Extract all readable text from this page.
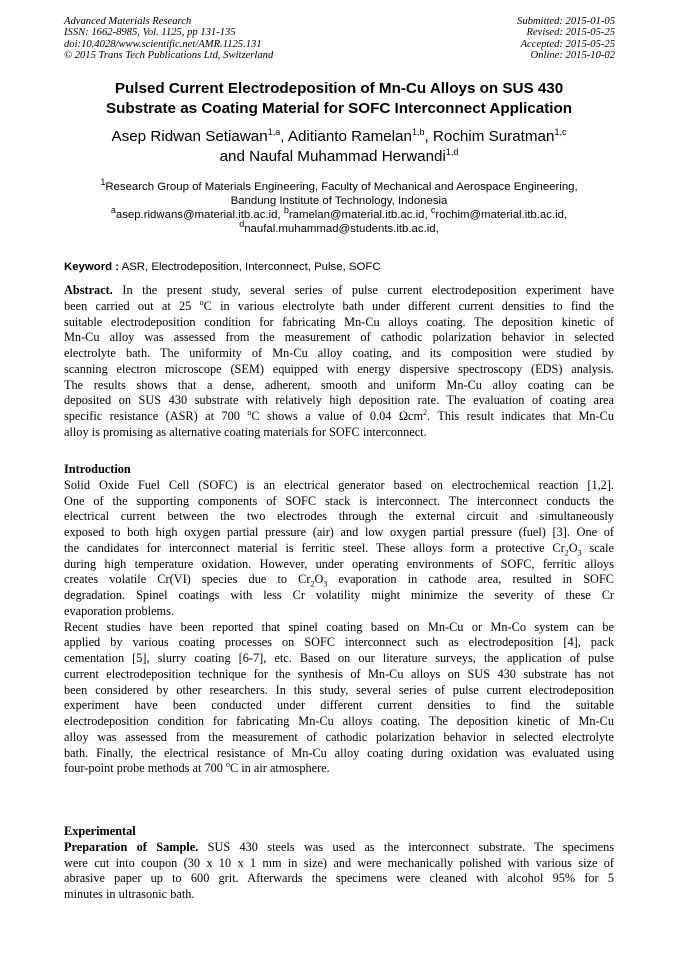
Advanced Materials Research
ISSN: 1662-8985, Vol. 1125, pp 131-135
doi:10.4028/www.scientific.net/AMR.1125.131
© 2015 Trans Tech Publications Ltd, Switzerland
Submitted: 2015-01-05
Revised: 2015-05-25
Accepted: 2015-05-25
Online: 2015-10-02
Pulsed Current Electrodeposition of Mn-Cu Alloys on SUS 430
Substrate as Coating Material for SOFC Interconnect Application
Asep Ridwan Setiawan$^{1,a}$, Aditianto Ramelan$^{1,b}$, Rochim Suratman$^{1,c}$
and Naufal Muhammad Herwandi$^{1,d}$
$^1$Research Group of Materials Engineering, Faculty of Mechanical and Aerospace Engineering,
Bandung Institute of Technology, Indonesia
$^a$asep.ridwans@material.itb.ac.id, $^b$ramelan@material.itb.ac.id, $^c$rochim@material.itb.ac.id,
$^d$naufal.muhammad@students.itb.ac.id,
Keyword : ASR, Electrodeposition, Interconnect, Pulse, SOFC
Abstract. In the present study, several series of pulse current electrodeposition experiment have
been carried out at 25 $^o$C in various electrolyte bath under different current densities to find the
suitable electrodeposition condition for fabricating Mn-Cu alloys coating. The deposition kinetic of
Mn-Cu alloy was assessed from the measurement of cathodic polarization behavior in selected
electrolyte bath. The uniformity of Mn-Cu alloy coating, and its composition were studied by
scanning electron microscope (SEM) equipped with energy dispersive spectroscopy (EDS) analysis.
The results shows that a dense, adherent, smooth and uniform Mn-Cu alloy coating can be
deposited on SUS 430 substrate with relatively high deposition rate. The evaluation of coating area
specific resistance (ASR) at 700 $^o$C shows a value of 0.04 Ωcm$^2$. This result indicates that Mn-Cu
alloy is promising as alternative coating materials for SOFC interconnect.
Introduction
Solid Oxide Fuel Cell (SOFC) is an electrical generator based on electrochemical reaction [1,2].
One of the supporting components of SOFC stack is interconnect. The interconnect conducts the
electrical current between the two electrodes through the external circuit and simultaneously
exposed to both high oxygen partial pressure (air) and low oxygen partial pressure (fuel) [3]. One of
the candidates for interconnect material is ferritic steel. These alloys form a protective $Cr_2O_3$ scale
during high temperature oxidation. However, under operating environments of SOFC, ferritic alloys
creates volatile Cr(VI) species due to $Cr_2O_3$ evaporation in cathode area, resulted in SOFC
degradation. Spinel coatings with less Cr volatility might minimize the severity of these Cr
evaporation problems.
Recent studies have been reported that spinel coating based on Mn-Cu or Mn-Co system can be
applied by various coating processes on SOFC interconnect such as electrodeposition [4], pack
cementation [5], slurry coating [6-7], etc. Based on our literature surveys, the application of pulse
current electrodeposition technique for the synthesis of Mn-Cu alloys on SUS 430 substrate has not
been considered by other researchers. In this study, several series of pulse current electrodeposition
experiment have been conducted under different current densities to find the suitable
electrodeposition condition for fabricating Mn-Cu alloys coating. The deposition kinetic of Mn-Cu
alloy was assessed from the measurement of cathodic polarization behavior in selected electrolyte
bath. Finally, the electrical resistance of Mn-Cu alloy coating during oxidation was evaluated using
four-point probe methods at 700 $^o$C in air atmosphere.
Experimental
Preparation of Sample. SUS 430 steels was used as the interconnect substrate. The specimens
were cut into coupon (30 x 10 x 1 mm in size) and were mechanically polished with various size of
abrasive paper up to 600 grit. Afterwards the specimens were cleaned with alcohol 95% for 5
minutes in ultrasonic bath.
